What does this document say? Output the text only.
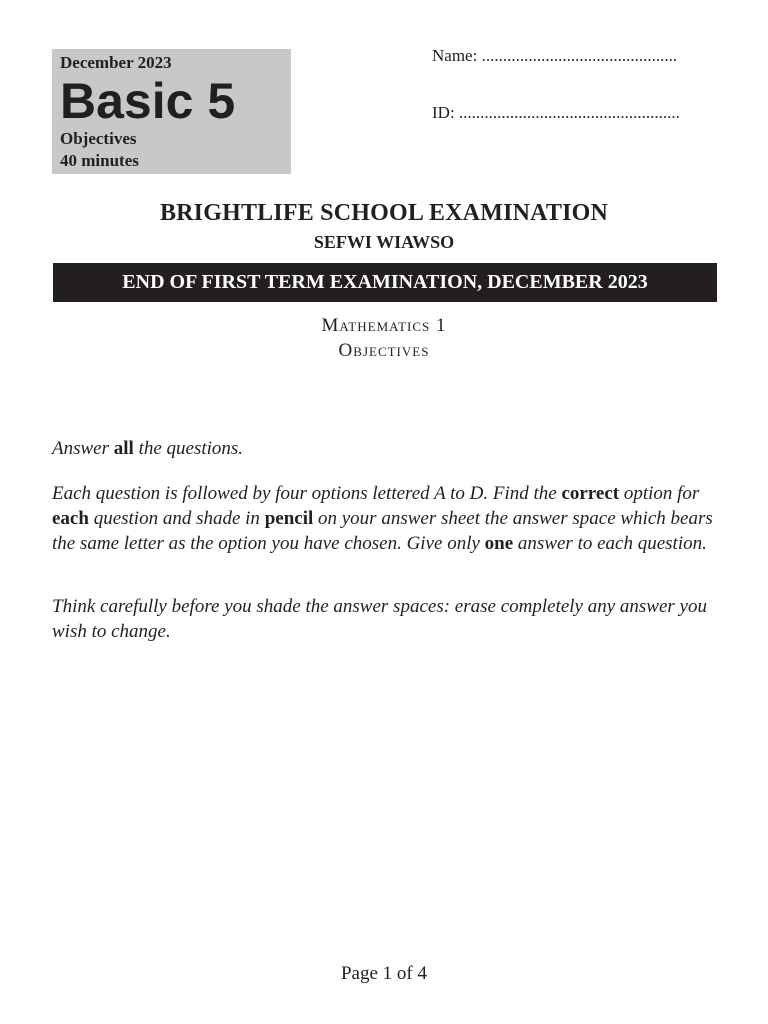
December 2023
Basic 5
Objectives
40 minutes
Name: ..............................................
ID: ....................................................
BRIGHTLIFE SCHOOL EXAMINATION
SEFWI WIAWSO
END OF FIRST TERM EXAMINATION, DECEMBER 2023
Mathematics 1
Objectives

Answer all the questions.

Each question is followed by four options lettered A to D. Find the correct option for each question and shade in pencil on your answer sheet the answer space which bears the same letter as the option you have chosen. Give only one answer to each question.

Think carefully before you shade the answer spaces: erase completely any answer you wish to change.

Page 1 of 4
